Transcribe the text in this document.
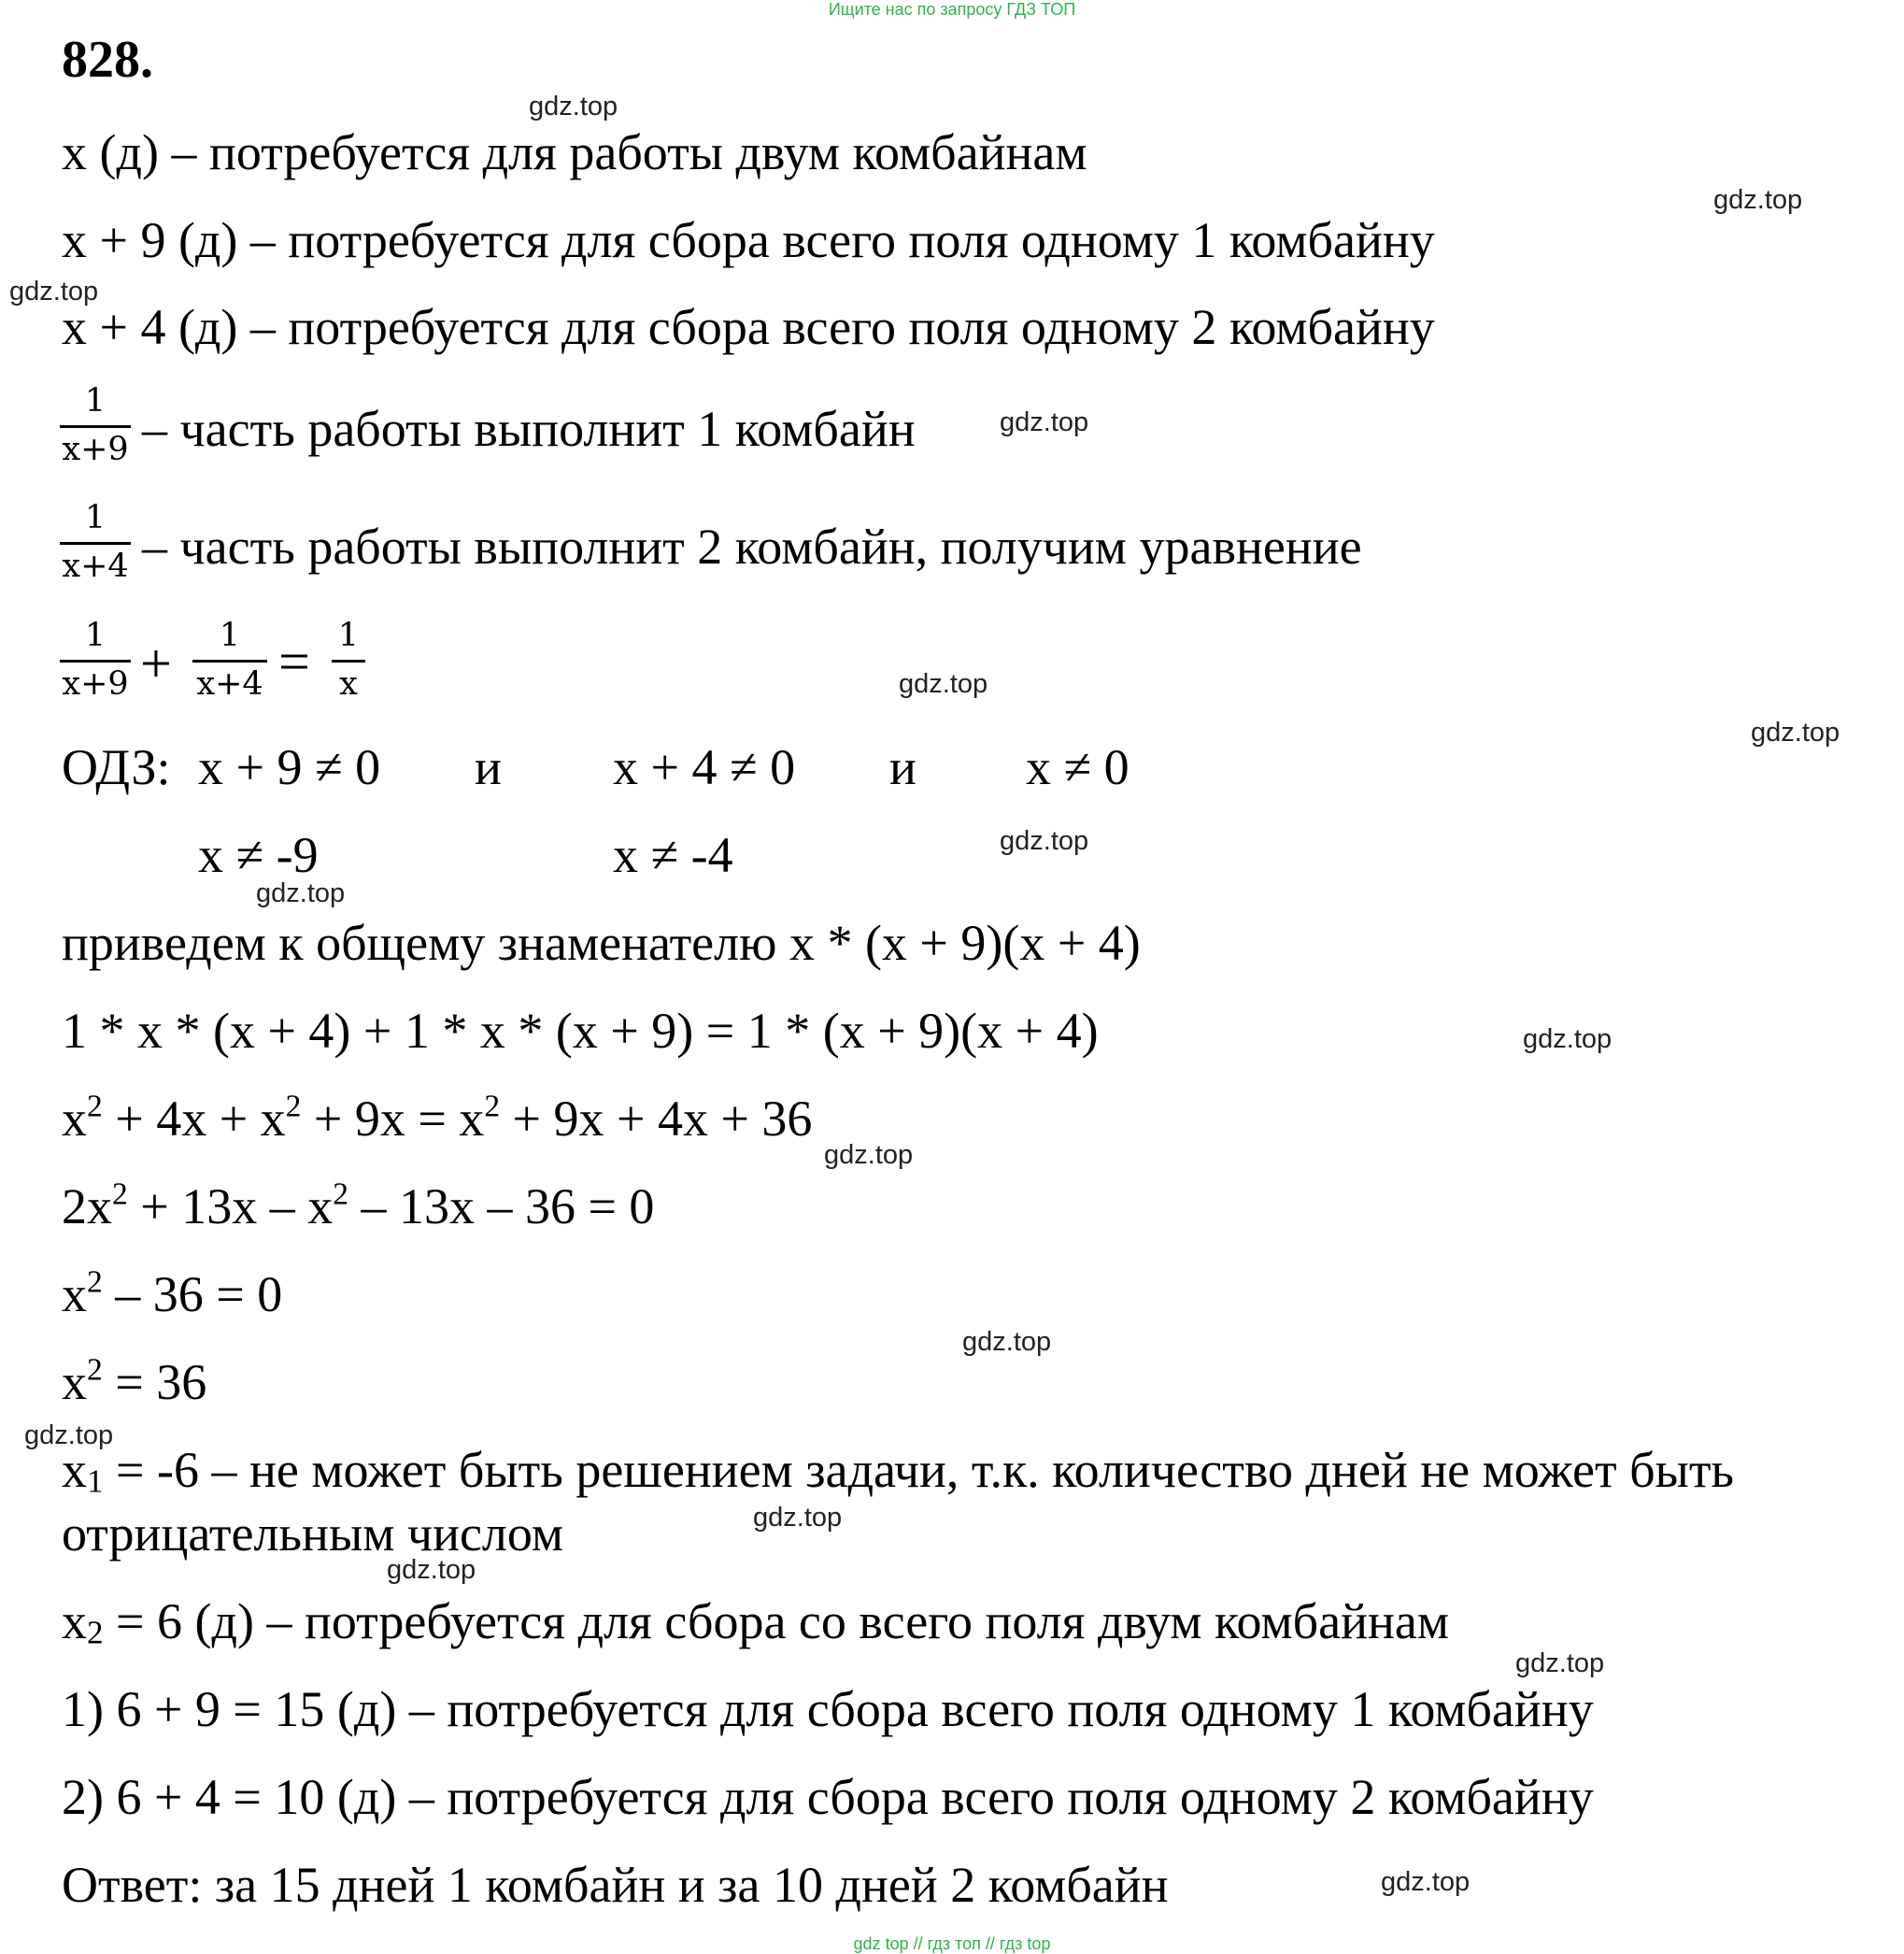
Ищите нас по запросу ГДЗ ТОП
828.
x (д) – потребуется для работы двум комбайнам
x + 9 (д) – потребуется для сбора всего поля одному 1 комбайну
x + 4 (д) – потребуется для сбора всего поля одному 2 комбайну
1
x+9 – часть работы выполнит 1 комбайн
1
x+4 – часть работы выполнит 2 комбайн, получим уравнение
1
x+9 +	1
x+4 = 1
x
ОДЗ: x + 9 ≠ 0 и x + 4 ≠ 0 и x ≠ 0
x ≠ -9	x ≠ -4
приведем к общему знаменателю x * (x + 9)(x + 4)
1 * x * (x + 4) + 1 * x * (x + 9) = 1 * (x + 9)(x + 4)
$x^2 + 4x + x^2 + 9x = x^2 + 9x + 4x + 36$
$2x^2 + 13x - x^2 - 13x - 36 = 0$
$x^2 - 36 = 0$
$x^2 = 36$
$x_1 = -6$ – не может быть решением задачи, т.к. количество дней не может быть
отрицательным числом
$x_2 = 6$ (д) – потребуется для сбора со всего поля двум комбайнам
1) 6 + 9 = 15 (д) – потребуется для сбора всего поля одному 1 комбайну
2) 6 + 4 = 10 (д) – потребуется для сбора всего поля одному 2 комбайну
Ответ: за 15 дней 1 комбайн и за 10 дней 2 комбайн
gdz.top
gdz.top
gdz.top
gdz.top
gdz.top
gdz.top
gdz.top
gdz.top
gdz.top
gdz.top
gdz.top
gdz.top
gdz.top
gdz.top
gdz.top
gdz.top
gdz top // гдз топ // гдз top
